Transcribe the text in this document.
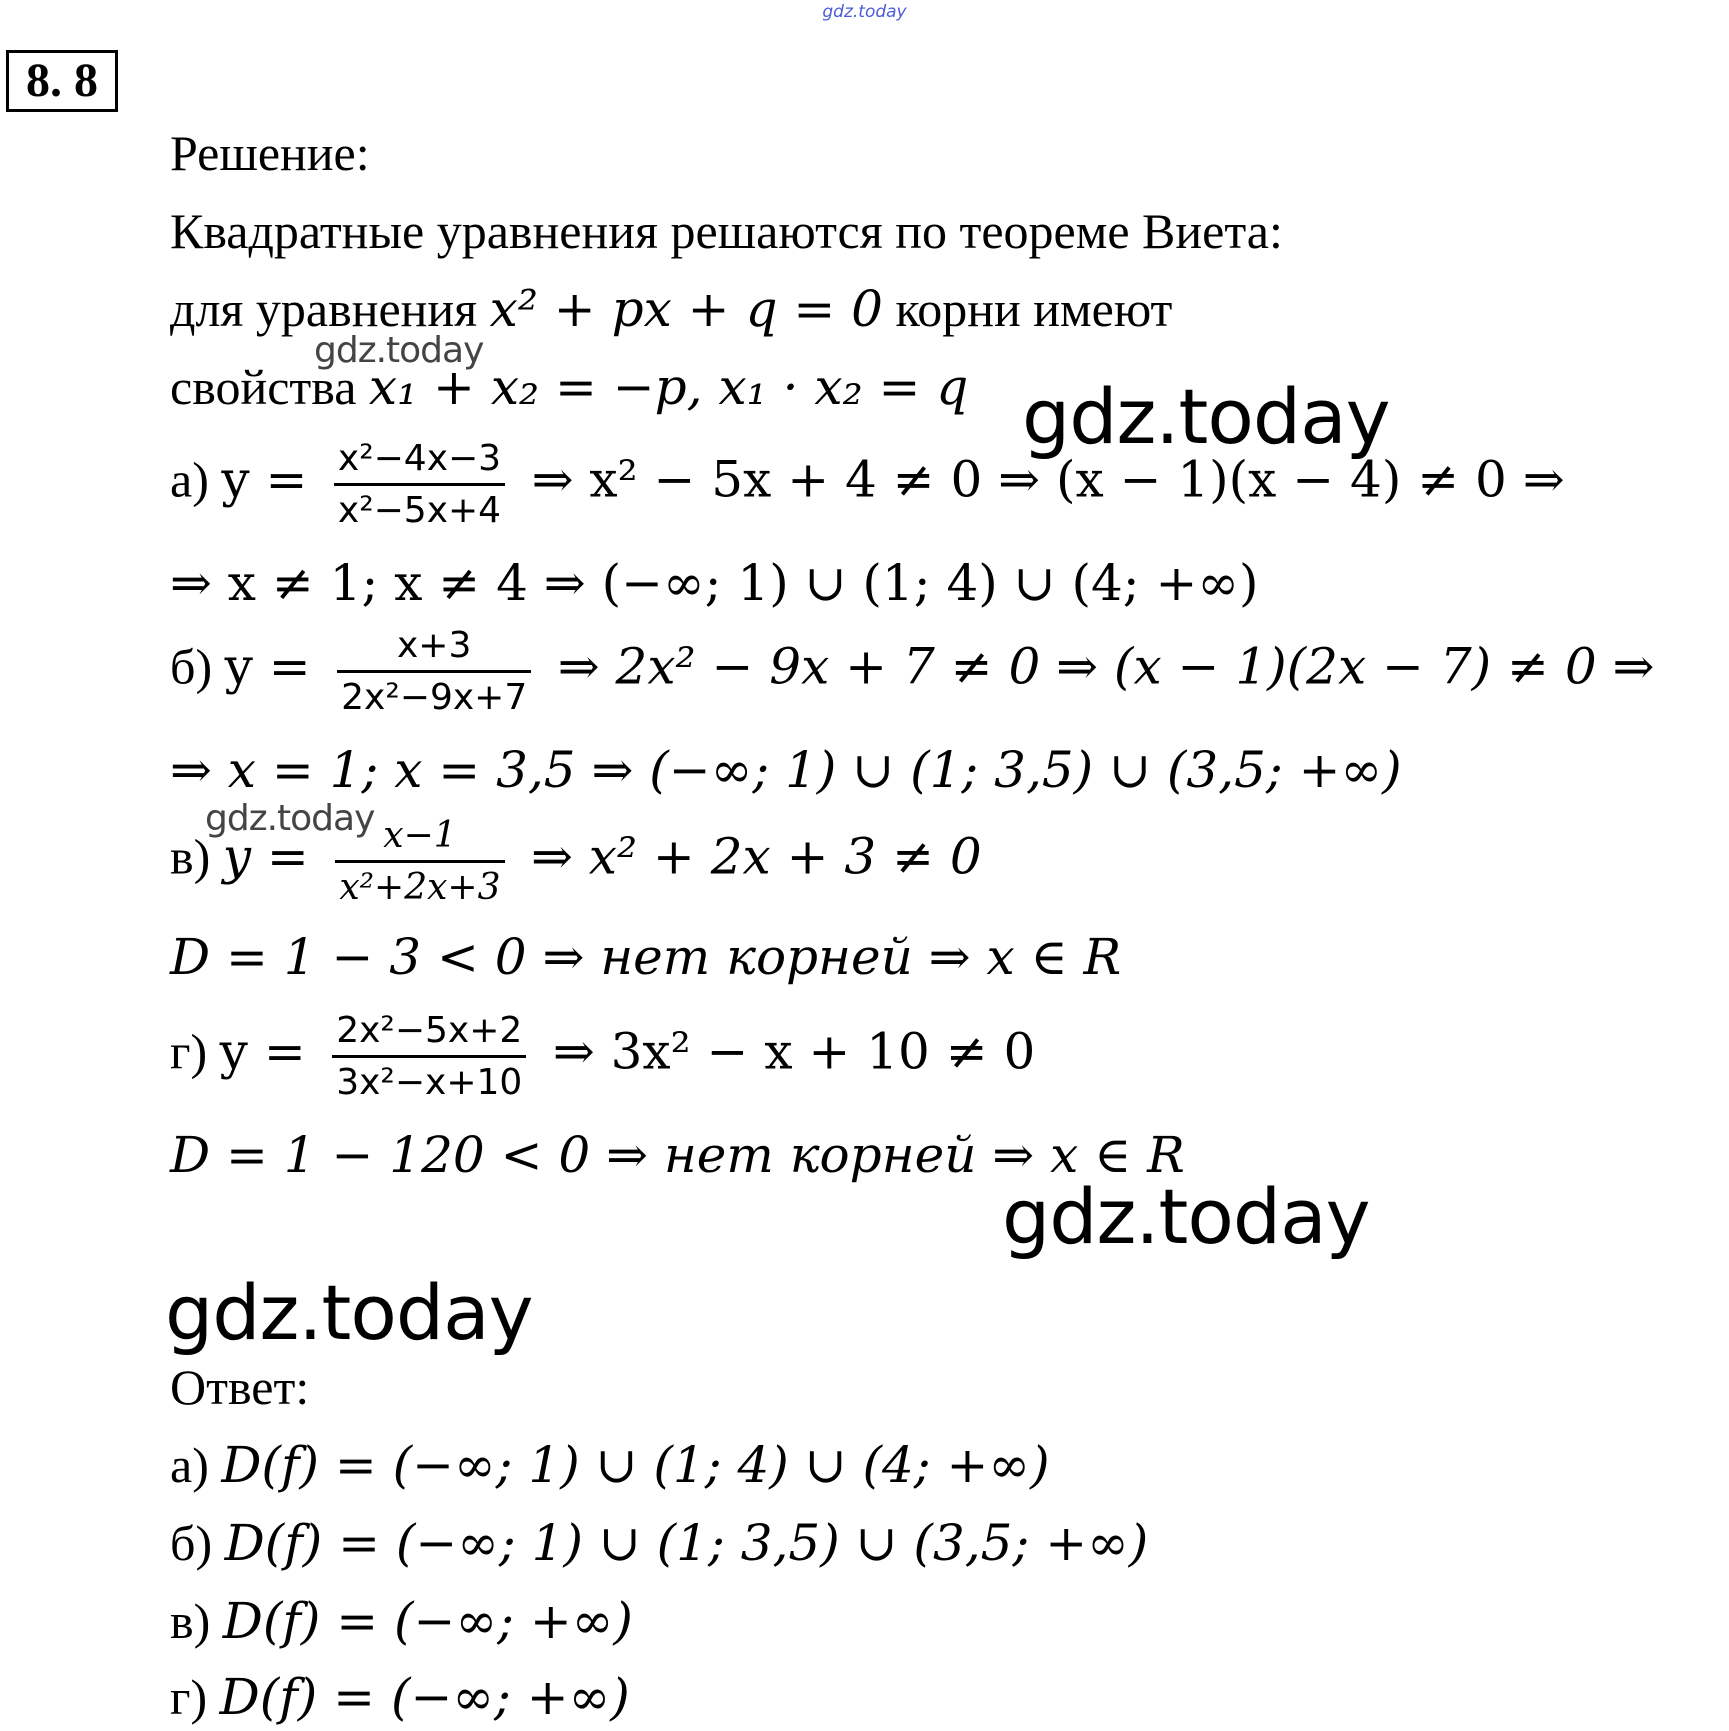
gdz.today
8. 8
Решение:
Квадратные уравнения решаются по теореме Виета:
для уравнения x² + px + q = 0 корни имеют
свойства x₁ + x₂ = −p, x₁ · x₂ = q
а) $y = \frac{\text{x²−4x−3}}{\text{x²−5x+4}}$ ⇒ x² − 5x + 4 ≠ 0 ⇒ (x − 1)(x − 4) ≠ 0 ⇒
⇒ x ≠ 1; x ≠ 4 ⇒ (−∞; 1) ∪ (1; 4) ∪ (4; +∞)
б) $y = \frac{x+3}{\text{2x²−9x+7}}$ ⇒ 2x² − 9x + 7 ≠ 0 ⇒ (x − 1)(2x − 7) ≠ 0 ⇒
⇒ x = 1; x = 3,5 ⇒ (−∞; 1) ∪ (1; 3,5) ∪ (3,5; +∞)
в) $y = \frac{x-1}{\text{x²+2x+3}}$ ⇒ x² + 2x + 3 ≠ 0
D = 1 − 3 < 0 ⇒ нет корней ⇒ x ∈ R
г) $y = \frac{\text{2x²−5x+2}}{\text{3x²−x+10}}$ ⇒ 3x² − x + 10 ≠ 0
D = 1 − 120 < 0 ⇒ нет корней ⇒ x ∈ R
Ответ:
а) D(f) = (−∞; 1) ∪ (1; 4) ∪ (4; +∞)
б) D(f) = (−∞; 1) ∪ (1; 3,5) ∪ (3,5; +∞)
в) D(f) = (−∞; +∞)
г) D(f) = (−∞; +∞)
gdz.today
gdz.today
gdz.today
gdz.today
gdz.today
